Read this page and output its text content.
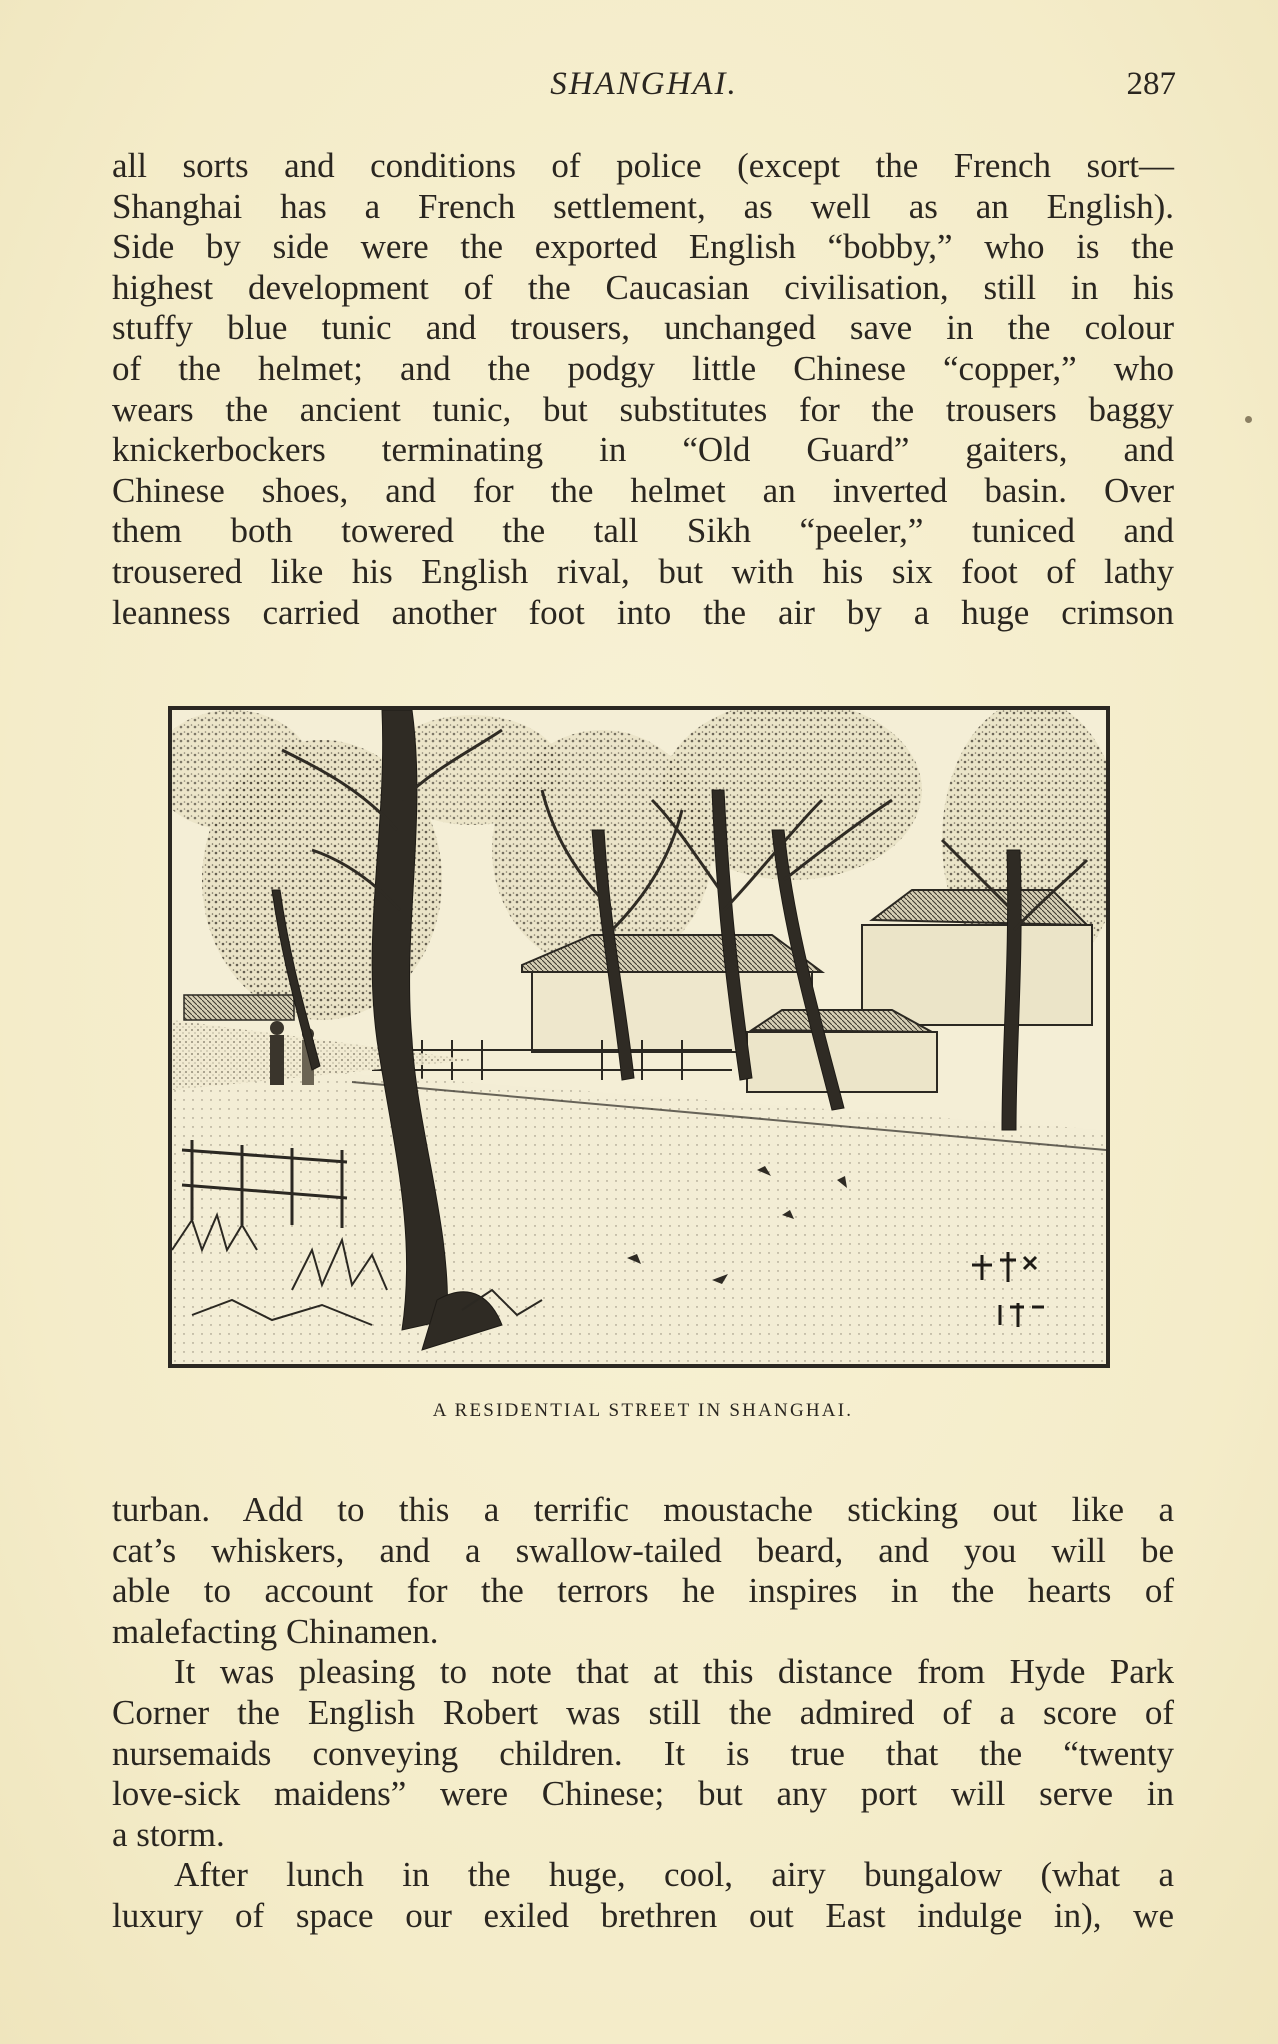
SHANGHAI.	287
all sorts and conditions of police (except the French sort—
Shanghai has a French settlement, as well as an English).
Side by side were the exported English “bobby,” who is the
highest development of the Caucasian civilisation, still in his
stuffy blue tunic and trousers, unchanged save in the colour
of the helmet; and the podgy little Chinese “copper,” who
wears the ancient tunic, but substitutes for the trousers baggy
knickerbockers terminating in “Old Guard” gaiters, and
Chinese shoes, and for the helmet an inverted basin. Over
them both towered the tall Sikh “peeler,” tuniced and
trousered like his English rival, but with his six foot of lathy
leanness carried another foot into the air by a huge crimson
A RESIDENTIAL STREET IN SHANGHAI.
turban. Add to this a terrific moustache sticking out like a
cat’s whiskers, and a swallow-tailed beard, and you will be
able to account for the terrors he inspires in the hearts of
malefacting Chinamen.
It was pleasing to note that at this distance from Hyde Park
Corner the English Robert was still the admired of a score of
nursemaids conveying children. It is true that the “twenty
love-sick maidens” were Chinese; but any port will serve in
a storm.
After lunch in the huge, cool, airy bungalow (what a
luxury of space our exiled brethren out East indulge in), we
